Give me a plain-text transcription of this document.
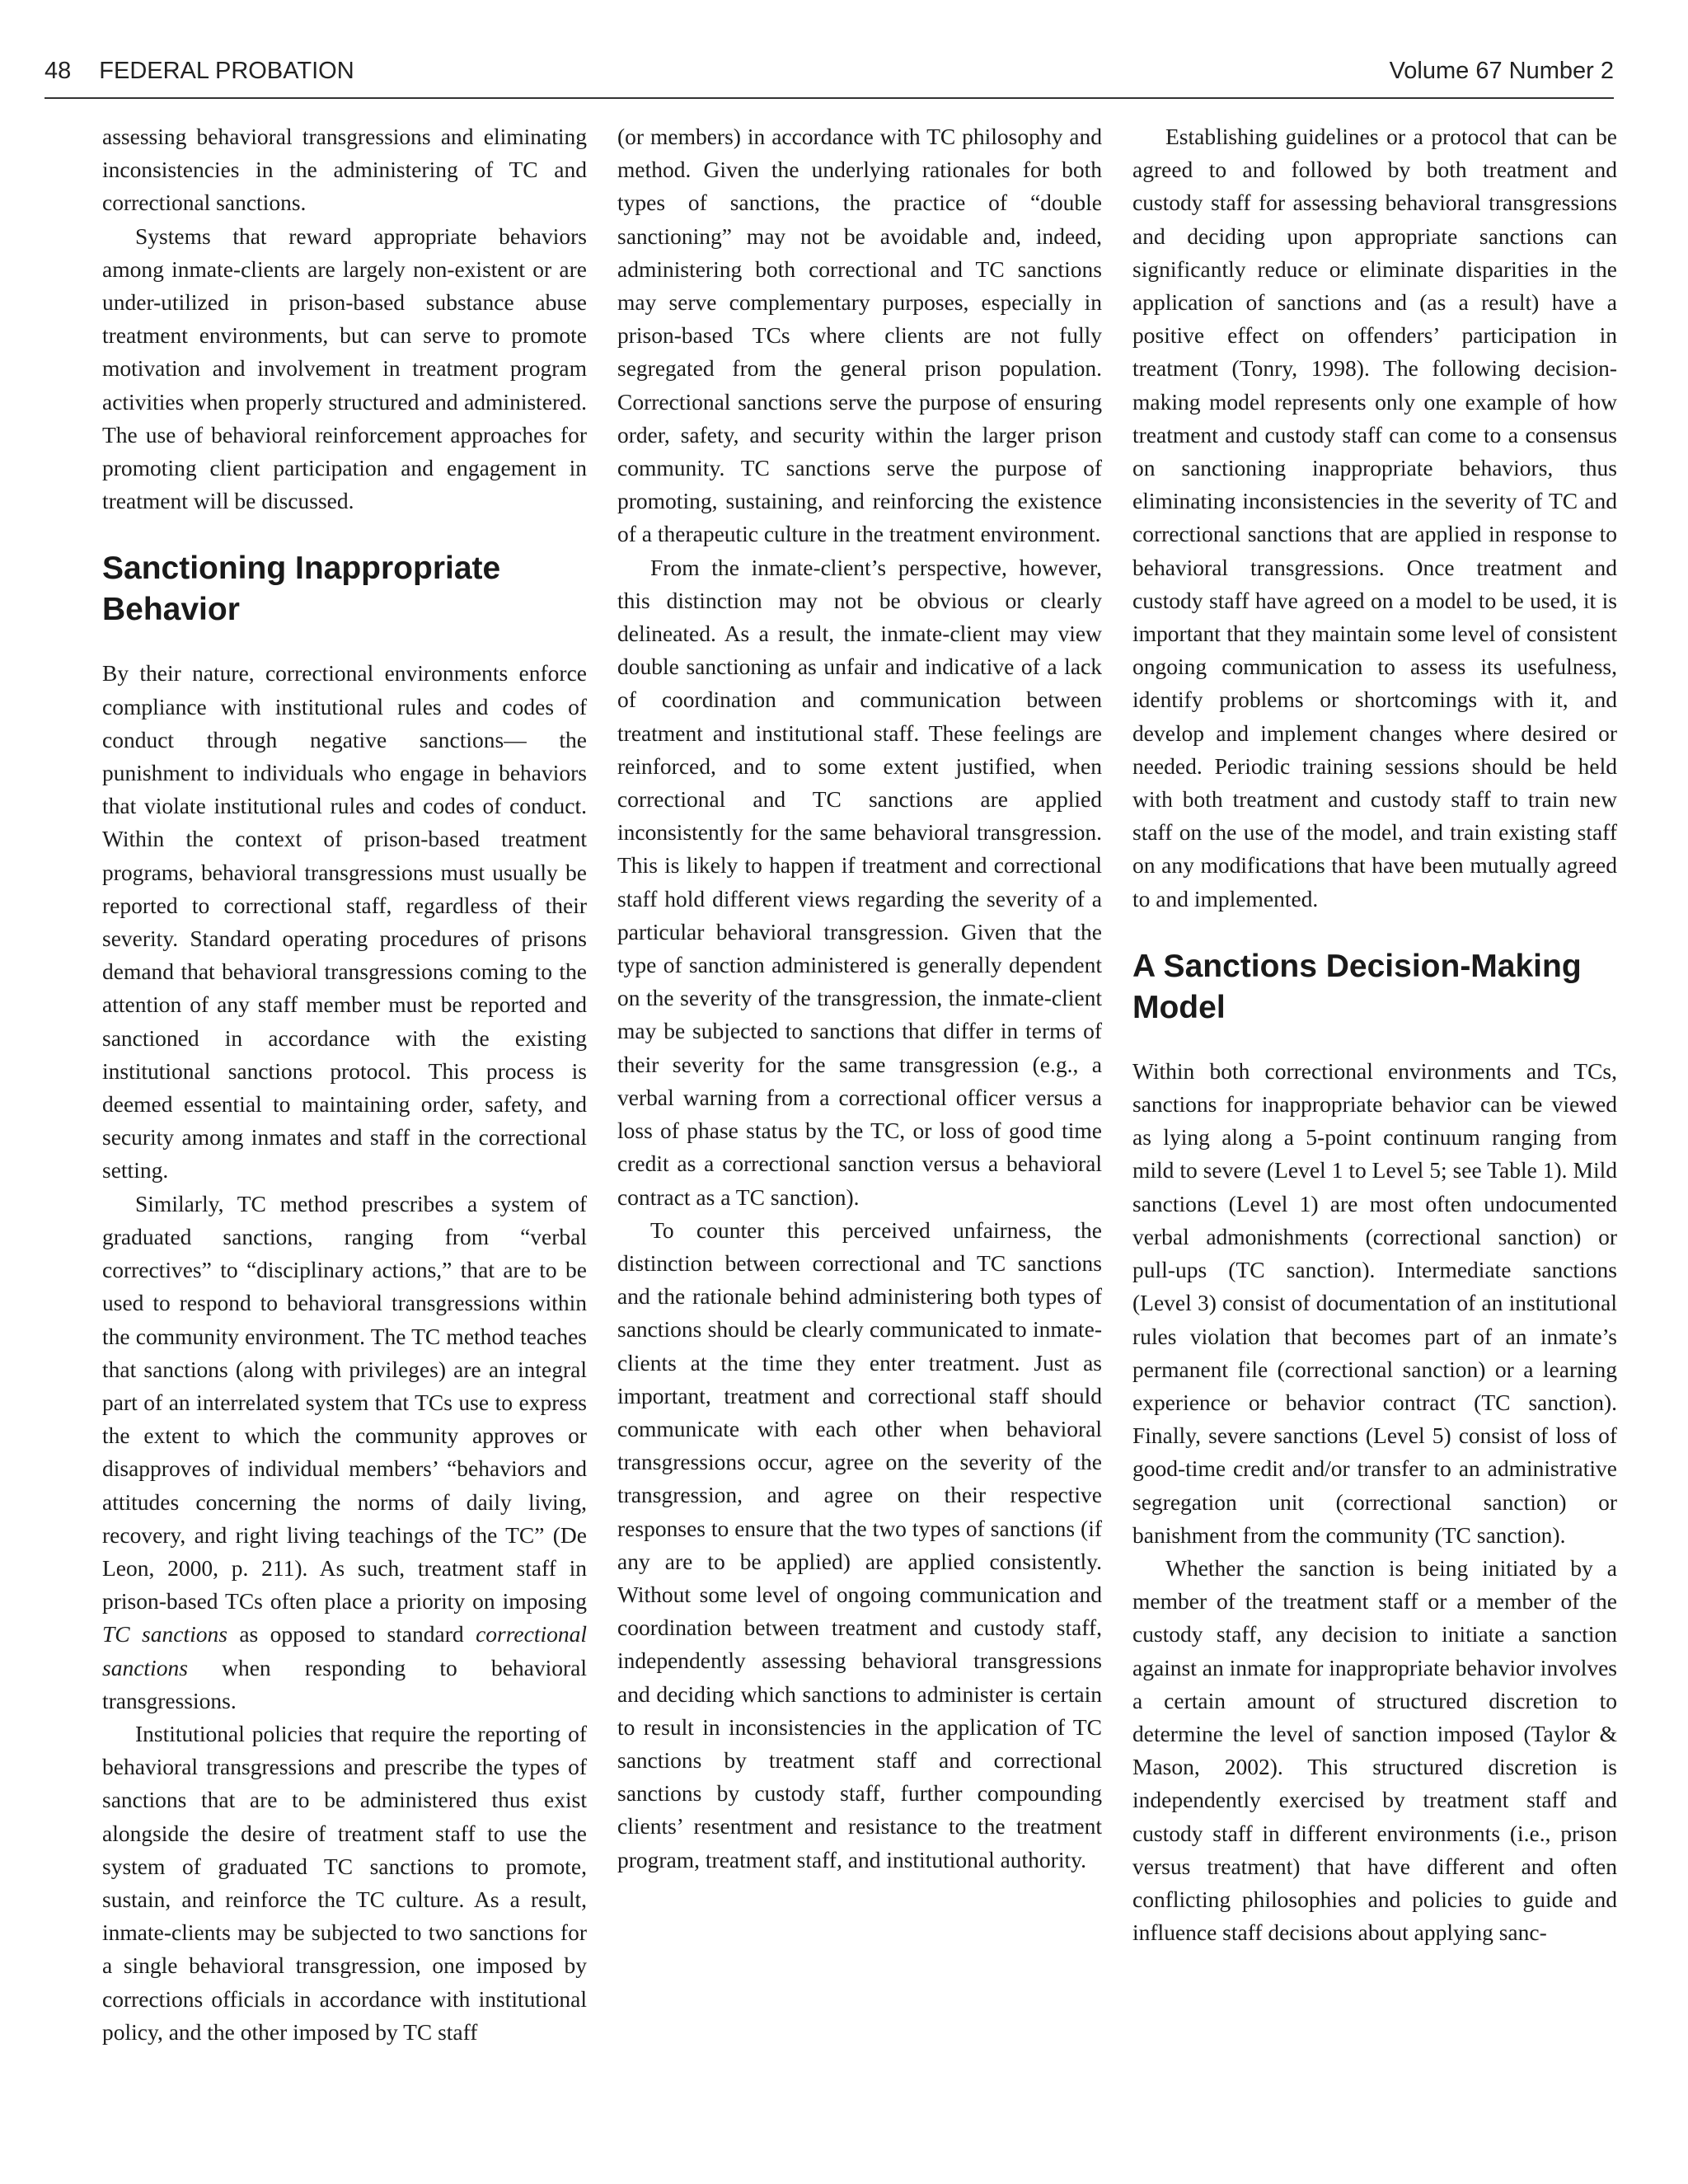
48 FEDERAL PROBATION	Volume 67 Number 2

assessing behavioral transgressions and eliminating inconsistencies in the administering of TC and correctional sanctions.

Systems that reward appropriate behaviors among inmate-clients are largely non-existent or are under-utilized in prison-based substance abuse treatment environments, but can serve to promote motivation and involvement in treatment program activities when properly structured and administered. The use of behavioral reinforcement approaches for promoting client participation and engagement in treatment will be discussed.

Sanctioning Inappropriate Behavior

By their nature, correctional environments enforce compliance with institutional rules and codes of conduct through negative sanctions— the punishment to individuals who engage in behaviors that violate institutional rules and codes of conduct. Within the context of prison-based treatment programs, behavioral transgressions must usually be reported to correctional staff, regardless of their severity. Standard operating procedures of prisons demand that behavioral transgressions coming to the attention of any staff member must be reported and sanctioned in accordance with the existing institutional sanctions protocol. This process is deemed essential to maintaining order, safety, and security among inmates and staff in the correctional setting.

Similarly, TC method prescribes a system of graduated sanctions, ranging from “verbal correctives” to “disciplinary actions,” that are to be used to respond to behavioral transgressions within the community environment. The TC method teaches that sanctions (along with privileges) are an integral part of an interrelated system that TCs use to express the extent to which the community approves or disapproves of individual members’ “behaviors and attitudes concerning the norms of daily living, recovery, and right living teachings of the TC” (De Leon, 2000, p. 211). As such, treatment staff in prison-based TCs often place a priority on imposing TC sanctions as opposed to standard correctional sanctions when responding to behavioral transgressions.

Institutional policies that require the reporting of behavioral transgressions and prescribe the types of sanctions that are to be administered thus exist alongside the desire of treatment staff to use the system of graduated TC sanctions to promote, sustain, and reinforce the TC culture. As a result, inmate-clients may be subjected to two sanctions for a single behavioral transgression, one imposed by corrections officials in accordance with institutional policy, and the other imposed by TC staff

(or members) in accordance with TC philosophy and method. Given the underlying rationales for both types of sanctions, the practice of “double sanctioning” may not be avoidable and, indeed, administering both correctional and TC sanctions may serve complementary purposes, especially in prison-based TCs where clients are not fully segregated from the general prison population. Correctional sanctions serve the purpose of ensuring order, safety, and security within the larger prison community. TC sanctions serve the purpose of promoting, sustaining, and reinforcing the existence of a therapeutic culture in the treatment environment.

From the inmate-client’s perspective, however, this distinction may not be obvious or clearly delineated. As a result, the inmate-client may view double sanctioning as unfair and indicative of a lack of coordination and communication between treatment and institutional staff. These feelings are reinforced, and to some extent justified, when correctional and TC sanctions are applied inconsistently for the same behavioral transgression. This is likely to happen if treatment and correctional staff hold different views regarding the severity of a particular behavioral transgression. Given that the type of sanction administered is generally dependent on the severity of the transgression, the inmate-client may be subjected to sanctions that differ in terms of their severity for the same transgression (e.g., a verbal warning from a correctional officer versus a loss of phase status by the TC, or loss of good time credit as a correctional sanction versus a behavioral contract as a TC sanction).

To counter this perceived unfairness, the distinction between correctional and TC sanctions and the rationale behind administering both types of sanctions should be clearly communicated to inmate-clients at the time they enter treatment. Just as important, treatment and correctional staff should communicate with each other when behavioral transgressions occur, agree on the severity of the transgression, and agree on their respective responses to ensure that the two types of sanctions (if any are to be applied) are applied consistently. Without some level of ongoing communication and coordination between treatment and custody staff, independently assessing behavioral transgressions and deciding which sanctions to administer is certain to result in inconsistencies in the application of TC sanctions by treatment staff and correctional sanctions by custody staff, further compounding clients’ resentment and resistance to the treatment program, treatment staff, and institutional authority.

Establishing guidelines or a protocol that can be agreed to and followed by both treatment and custody staff for assessing behavioral transgressions and deciding upon appropriate sanctions can significantly reduce or eliminate disparities in the application of sanctions and (as a result) have a positive effect on offenders’ participation in treatment (Tonry, 1998). The following decision-making model represents only one example of how treatment and custody staff can come to a consensus on sanctioning inappropriate behaviors, thus eliminating inconsistencies in the severity of TC and correctional sanctions that are applied in response to behavioral transgressions. Once treatment and custody staff have agreed on a model to be used, it is important that they maintain some level of consistent ongoing communication to assess its usefulness, identify problems or shortcomings with it, and develop and implement changes where desired or needed. Periodic training sessions should be held with both treatment and custody staff to train new staff on the use of the model, and train existing staff on any modifications that have been mutually agreed to and implemented.

A Sanctions Decision-Making Model

Within both correctional environments and TCs, sanctions for inappropriate behavior can be viewed as lying along a 5-point continuum ranging from mild to severe (Level 1 to Level 5; see Table 1). Mild sanctions (Level 1) are most often undocumented verbal admonishments (correctional sanction) or pull-ups (TC sanction). Intermediate sanctions (Level 3) consist of documentation of an institutional rules violation that becomes part of an inmate’s permanent file (correctional sanction) or a learning experience or behavior contract (TC sanction). Finally, severe sanctions (Level 5) consist of loss of good-time credit and/or transfer to an administrative segregation unit (correctional sanction) or banishment from the community (TC sanction).

Whether the sanction is being initiated by a member of the treatment staff or a member of the custody staff, any decision to initiate a sanction against an inmate for inappropriate behavior involves a certain amount of structured discretion to determine the level of sanction imposed (Taylor & Mason, 2002). This structured discretion is independently exercised by treatment staff and custody staff in different environments (i.e., prison versus treatment) that have different and often conflicting philosophies and policies to guide and influence staff decisions about applying sanc-
